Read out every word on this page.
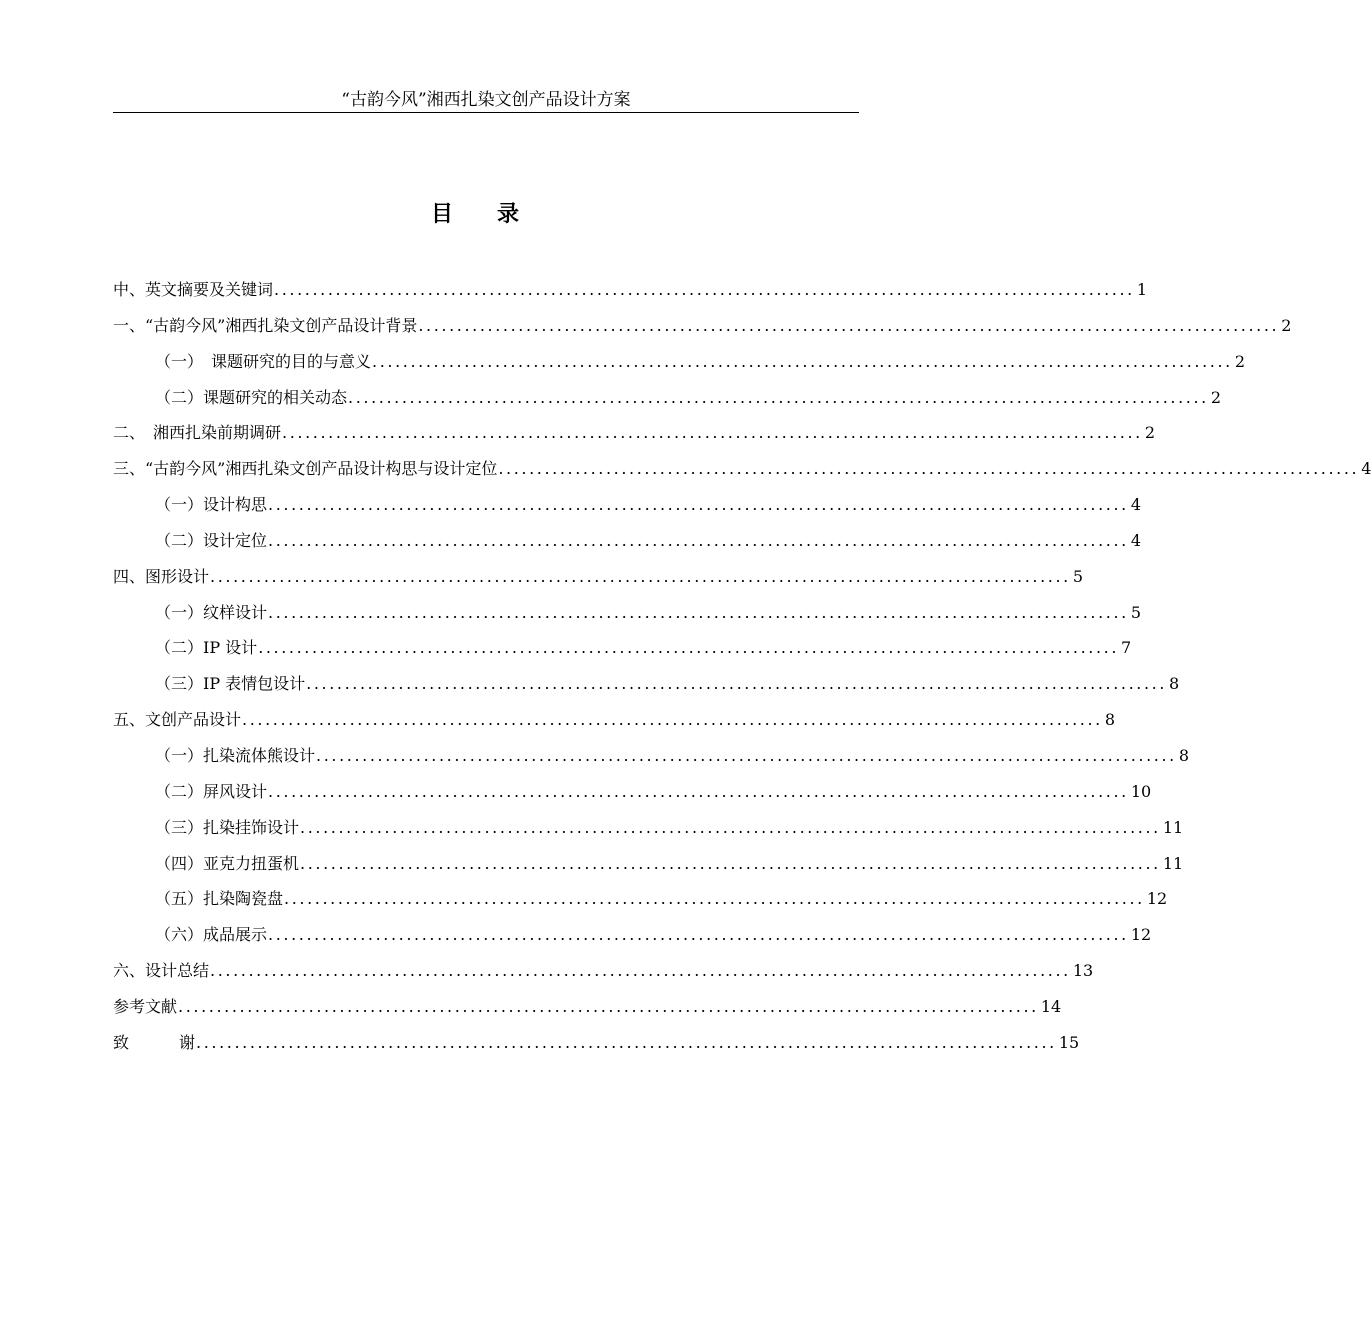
“古韵今风”湘西扎染文创产品设计方案
目　　录
中、英文摘要及关键词 ................................................................................................................ 1
一、“古韵今风”湘西扎染文创产品设计背景 ................................................................................................................ 2
（一）　课题研究的目的与意义 ................................................................................................................ 2
（二）课题研究的相关动态 ................................................................................................................ 2
二、　湘西扎染前期调研 ................................................................................................................ 2
三、“古韵今风”湘西扎染文创产品设计构思与设计定位 ................................................................................................................ 4
（一）设计构思 ................................................................................................................ 4
（二）设计定位 ................................................................................................................ 4
四、图形设计 ................................................................................................................ 5
（一）纹样设计 ................................................................................................................ 5
（二）IP 设计 ................................................................................................................ 7
（三）IP 表情包设计 ................................................................................................................ 8
五、文创产品设计 ................................................................................................................ 8
（一）扎染流体熊设计 ................................................................................................................ 8
（二）屏风设计 ................................................................................................................ 10
（三）扎染挂饰设计 ................................................................................................................ 11
（四）亚克力扭蛋机 ................................................................................................................ 11
（五）扎染陶瓷盘 ................................................................................................................ 12
（六）成品展示 ................................................................................................................ 12
六、设计总结 ................................................................................................................ 13
参考文献 ................................................................................................................ 14
致	谢 ................................................................................................................ 15
